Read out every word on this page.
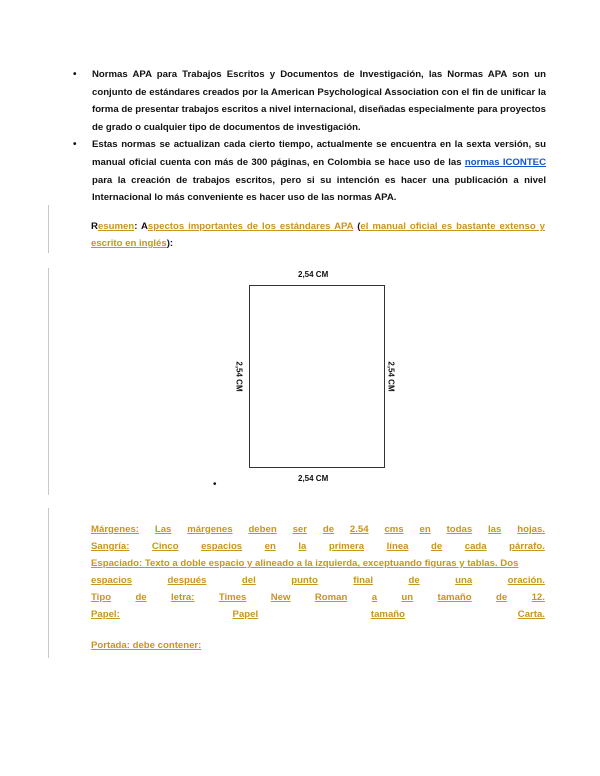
• Normas APA para Trabajos Escritos y Documentos de Investigación, las Normas APA son un conjunto de estándares creados por la American Psychological Association con el fin de unificar la forma de presentar trabajos escritos a nivel internacional, diseñadas especialmente para proyectos de grado o cualquier tipo de documentos de investigación.
• Estas normas se actualizan cada cierto tiempo, actualmente se encuentra en la sexta versión, su manual oficial cuenta con más de 300 páginas, en Colombia se hace uso de las normas ICONTEC para la creación de trabajos escritos, pero si su intención es hacer una publicación a nivel Internacional lo más conveniente es hacer uso de las normas APA.
Resumen: Aspectos importantes de los estándares APA (el manual oficial es bastante extenso y escrito en inglés):
2,54 CM
2,54 CM	2,54 CM
2,54 CM
•
Márgenes: Las márgenes deben ser de 2.54 cms en todas las hojas.
Sangría: Cinco espacios en la primera línea de cada párrafo.
Espaciado: Texto a doble espacio y alineado a la izquierda, exceptuando figuras y tablas. Dos
espacios	después	del	punto	final	de	una	oración.
Tipo	de	letra:	Times	New	Roman	a	un	tamaño	de	12.
Papel:	Papel	tamaño	Carta.
Portada: debe contener:
